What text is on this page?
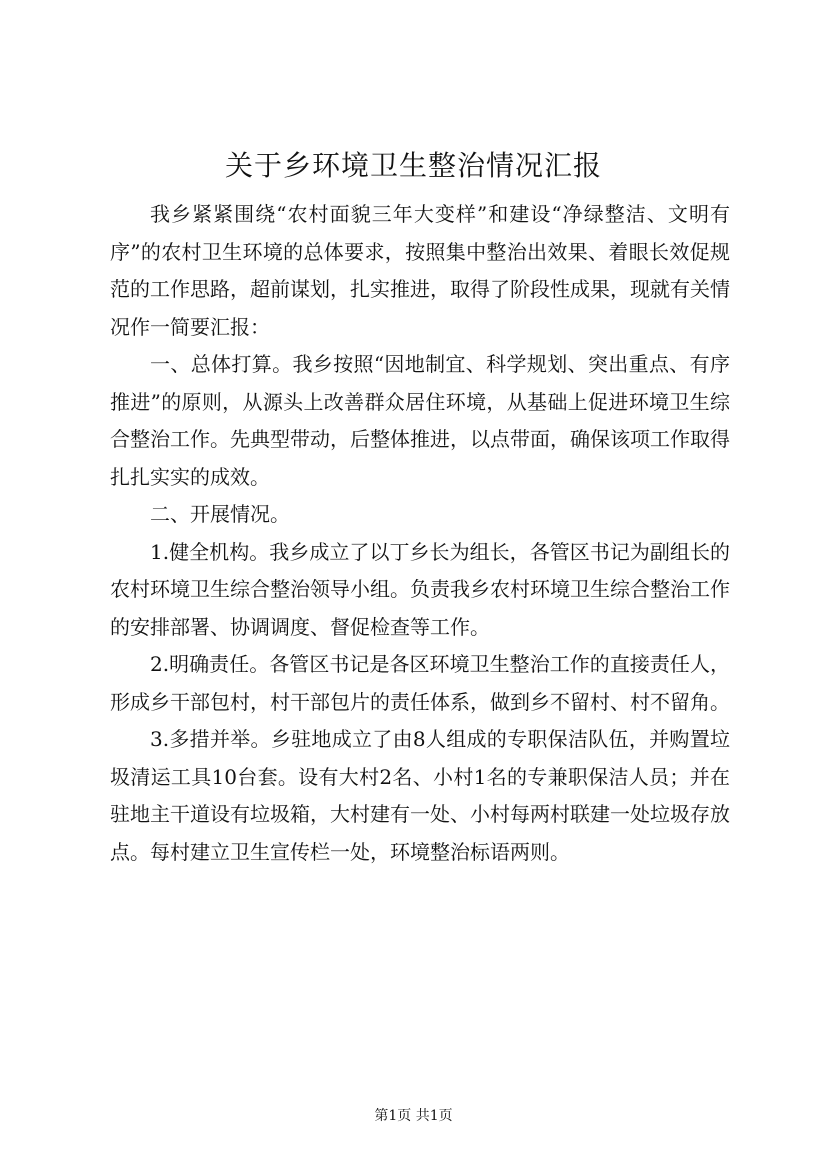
关于乡环境卫生整治情况汇报

我乡紧紧围绕“农村面貌三年大变样”和建设“净绿整洁、文明有序”的农村卫生环境的总体要求，按照集中整治出效果、着眼长效促规范的工作思路，超前谋划，扎实推进，取得了阶段性成果，现就有关情况作一简要汇报：

一、总体打算。我乡按照“因地制宜、科学规划、突出重点、有序推进”的原则，从源头上改善群众居住环境，从基础上促进环境卫生综合整治工作。先典型带动，后整体推进，以点带面，确保该项工作取得扎扎实实的成效。

二、开展情况。

1.健全机构。我乡成立了以丁乡长为组长，各管区书记为副组长的农村环境卫生综合整治领导小组。负责我乡农村环境卫生综合整治工作的安排部署、协调调度、督促检查等工作。

2.明确责任。各管区书记是各区环境卫生整治工作的直接责任人，形成乡干部包村，村干部包片的责任体系，做到乡不留村、村不留角。

3.多措并举。乡驻地成立了由8人组成的专职保洁队伍，并购置垃圾清运工具10台套。设有大村2名、小村1名的专兼职保洁人员；并在驻地主干道设有垃圾箱，大村建有一处、小村每两村联建一处垃圾存放点。每村建立卫生宣传栏一处，环境整治标语两则。

第1页 共1页
